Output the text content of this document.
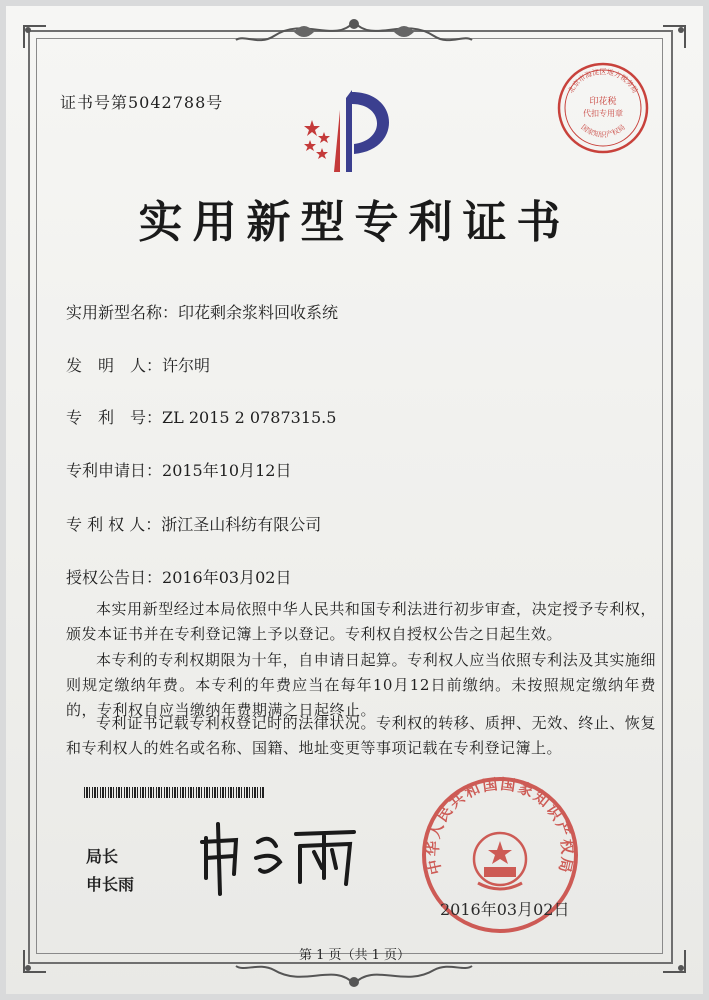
证书号第5042788号	印花税
代扣专用章
北京市海淀区地方税务局
国家知识产权局
实用新型专利证书
实用新型名称：印花剩余浆料回收系统
发　明　人：许尔明
专　利　号：ZL 2015 2 0787315.5
专利申请日：2015年10月12日
专 利 权 人：浙江圣山科纺有限公司
授权公告日：2016年03月02日
本实用新型经过本局依照中华人民共和国专利法进行初步审查，决定授予专利权，颁发本证书并在专利登记簿上予以登记。专利权自授权公告之日起生效。
本专利的专利权期限为十年，自申请日起算。专利权人应当依照专利法及其实施细则规定缴纳年费。本专利的年费应当在每年10月12日前缴纳。未按照规定缴纳年费的，专利权自应当缴纳年费期满之日起终止。
专利证书记载专利权登记时的法律状况。专利权的转移、质押、无效、终止、恢复和专利权人的姓名或名称、国籍、地址变更等事项记载在专利登记簿上。
局长
申长雨
中华人民共和国国家知识产权局
2016年03月02日
第 1 页（共 1 页）
